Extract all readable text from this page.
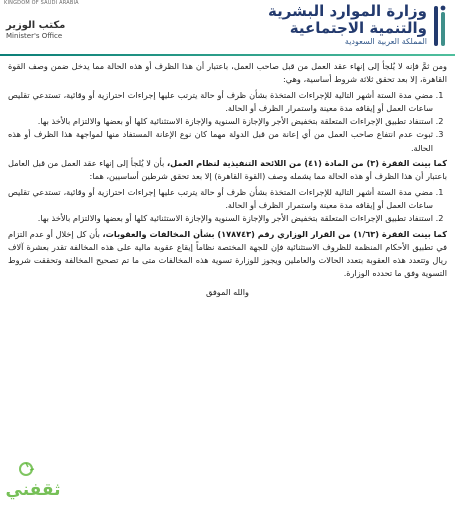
KINGDOM OF SAUDI ARABIA
مكتب الوزير
Minister's Office
وزارة الموارد البشرية
والتنمية الاجتماعية
المملكة العربية السعودية

ومن ثمَّ فإنه لا يُلجأ إلى إنهاء عقد العمل من قبل صاحب العمل، باعتبار أن هذا الظرف أو هذه الحالة مما يدخل ضمن وصف القوة القاهرة، إلا بعد تحقق ثلاثة شروط أساسية، وهي:

1. مضي مدة الستة أشهر التالية للإجراءات المتخذة بشأن ظرف أو حالة يترتب عليها إجراءات احترازية أو وقائية، تستدعي تقليص ساعات العمل أو إيقافه مدة معينة واستمرار الظرف أو الحالة.
2. استنفاد تطبيق الإجراءات المتعلقة بتخفيض الأجر والإجازة السنوية والإجازة الاستثنائية كلها أو بعضها والالتزام بالأخذ بها.
3. ثبوت عدم انتفاع صاحب العمل من أي إعانة من قبل الدولة مهما كان نوع الإعانة المستفاد منها لمواجهة هذا الظرف أو هذه الحالة.

كما بينت الفقرة (٣) من المادة (٤١) من اللائحة التنفيذية لنظام العمل، بأن لا يُلجأ إلى إنهاء عقد العمل من قبل العامل باعتبار أن هذا الظرف أو هذه الحالة مما يشمله وصف (القوة القاهرة) إلا بعد تحقق شرطين أساسيين، هما:

1. مضي مدة الستة أشهر التالية للإجراءات المتخذة بشأن ظرف أو حالة يترتب عليها إجراءات احترازية أو وقائية، تستدعي تقليص ساعات العمل أو إيقافه مدة معينة واستمرار الظرف أو الحالة.
2. استنفاد تطبيق الإجراءات المتعلقة بتخفيض الأجر والإجازة السنوية والإجازة الاستثنائية كلها أو بعضها والالتزام بالأخذ بها.

كما بينت الفقرة (١/٦٣) من القرار الوزاري رقم (١٧٨٧٤٣) بشأن المخالفات والعقوبات، بأن كل إخلال أو عدم التزام في تطبيق الأحكام المنظمة للظروف الاستثنائية فإن للجهة المختصة نظاماً إيقاع عقوبة مالية على هذه المخالفة تقدر بعشرة آلاف ريال وتتعدد هذه العقوبة بتعدد الحالات والعاملين ويجوز للوزارة تسوية هذه المخالفات متى ما تم تصحيح المخالفة وتحققت شروط التسوية وفق ما تحدده الوزارة.

والله الموفق

ثقفني
